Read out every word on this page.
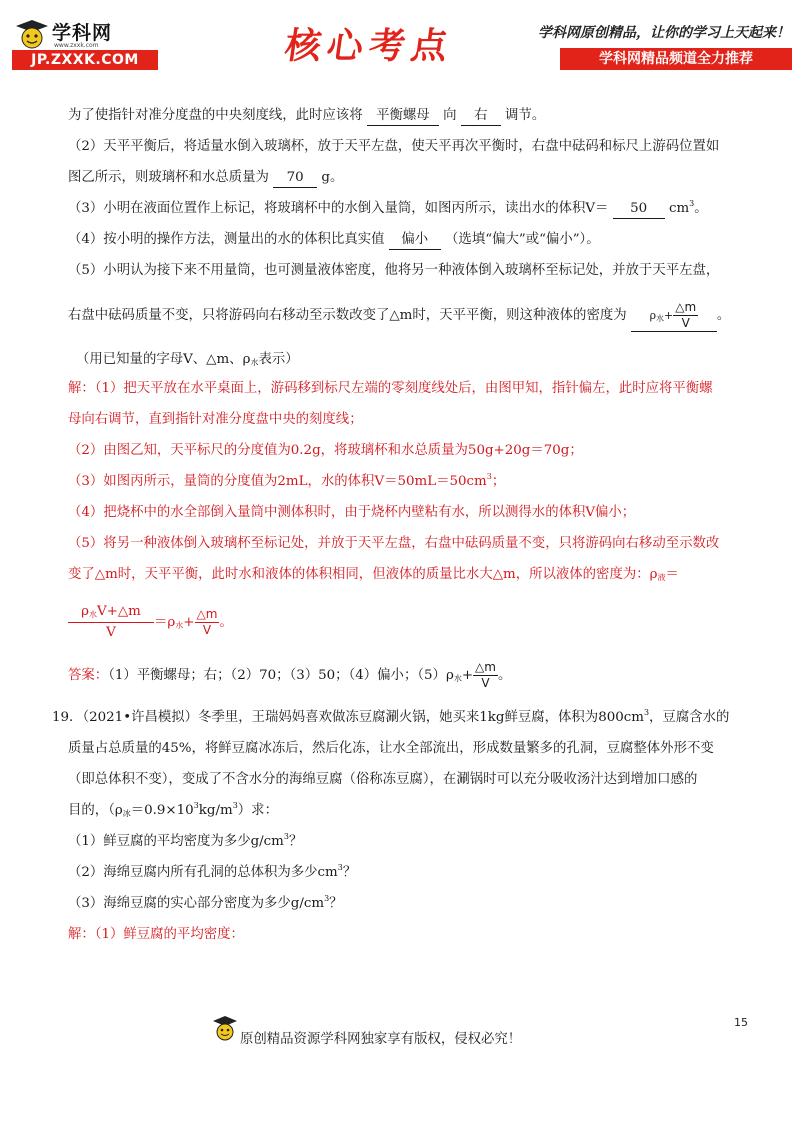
学科网
www.zxxk.com
JP.ZXXK.COM	核心考点	学科网原创精品，让你的学习上天起来！
学科网精品频道全力推荐
为了使指针对准分度盘的中央刻度线，此时应该将 平衡螺母 向 右 调节。
（2）天平平衡后，将适量水倒入玻璃杯，放于天平左盘，使天平再次平衡时，右盘中砝码和标尺上游码位置如
图乙所示，则玻璃杯和水总质量为 70 g。
（3）小明在液面位置作上标记，将玻璃杯中的水倒入量筒，如图丙所示，读出水的体积V＝ 50 $cm^3$。
（4）按小明的操作方法，测量出的水的体积比真实值 偏小 （选填“偏大”或“偏小”）。
（5）小明认为接下来不用量筒，也可测量液体密度，他将另一种液体倒入玻璃杯至标记处，并放于天平左盘，
右盘中砝码质量不变，只将游码向右移动至示数改变了△m时，天平平衡，则这种液体的密度为 $\rho_水+ \frac{\triangle m}{V}$ 。
（用已知量的字母V、△m、$\rho_水$表示）
解：（1）把天平放在水平桌面上，游码移到标尺左端的零刻度线处后，由图甲知，指针偏左，此时应将平衡螺
母向右调节，直到指针对准分度盘中央的刻度线；
（2）由图乙知，天平标尺的分度值为0.2g，将玻璃杯和水总质量为50g+20g＝70g；
（3）如图丙所示，量筒的分度值为2mL，水的体积$V=50mL=50cm^3$；
（4）把烧杯中的水全部倒入量筒中测体积时，由于烧杯内壁粘有水，所以测得水的体积V偏小；
（5）将另一种液体倒入玻璃杯至标记处，并放于天平左盘，右盘中砝码质量不变，只将游码向右移动至示数改
变了△m时，天平平衡，此时水和液体的体积相同，但液体的质量比水大△m，所以液体的密度为：$\rho_液=$
$\frac{\rho_水V+\triangle m}{V} =\rho_水+ \frac{\triangle m}{V}$ 。
答案：（1）平衡螺母；右；（2）70；（3）50；（4）偏小；$(5)\rho_水+ \frac{\triangle m}{V}$ 。
19．（2021•许昌模拟）冬季里，王瑞妈妈喜欢做冻豆腐涮火锅，她买来1kg鲜豆腐，体积为$800cm^3$，豆腐含水的
质量占总质量的45%，将鲜豆腐冰冻后，然后化冻，让水全部流出，形成数量繁多的孔洞，豆腐整体外形不变
（即总体积不变），变成了不含水分的海绵豆腐（俗称冻豆腐），在涮锅时可以充分吸收汤汁达到增加口感的
目的，$(\rho_冰=0.9\times 10^3kg/m^3)$求：
（1）鲜豆腐的平均密度为多少$g/cm^3$？
（2）海绵豆腐内所有孔洞的总体积为多少$cm^3$？
（3）海绵豆腐的实心部分密度为多少$g/cm^3$？
解：（1）鲜豆腐的平均密度：
原创精品资源学科网独家享有版权，侵权必究！
15
